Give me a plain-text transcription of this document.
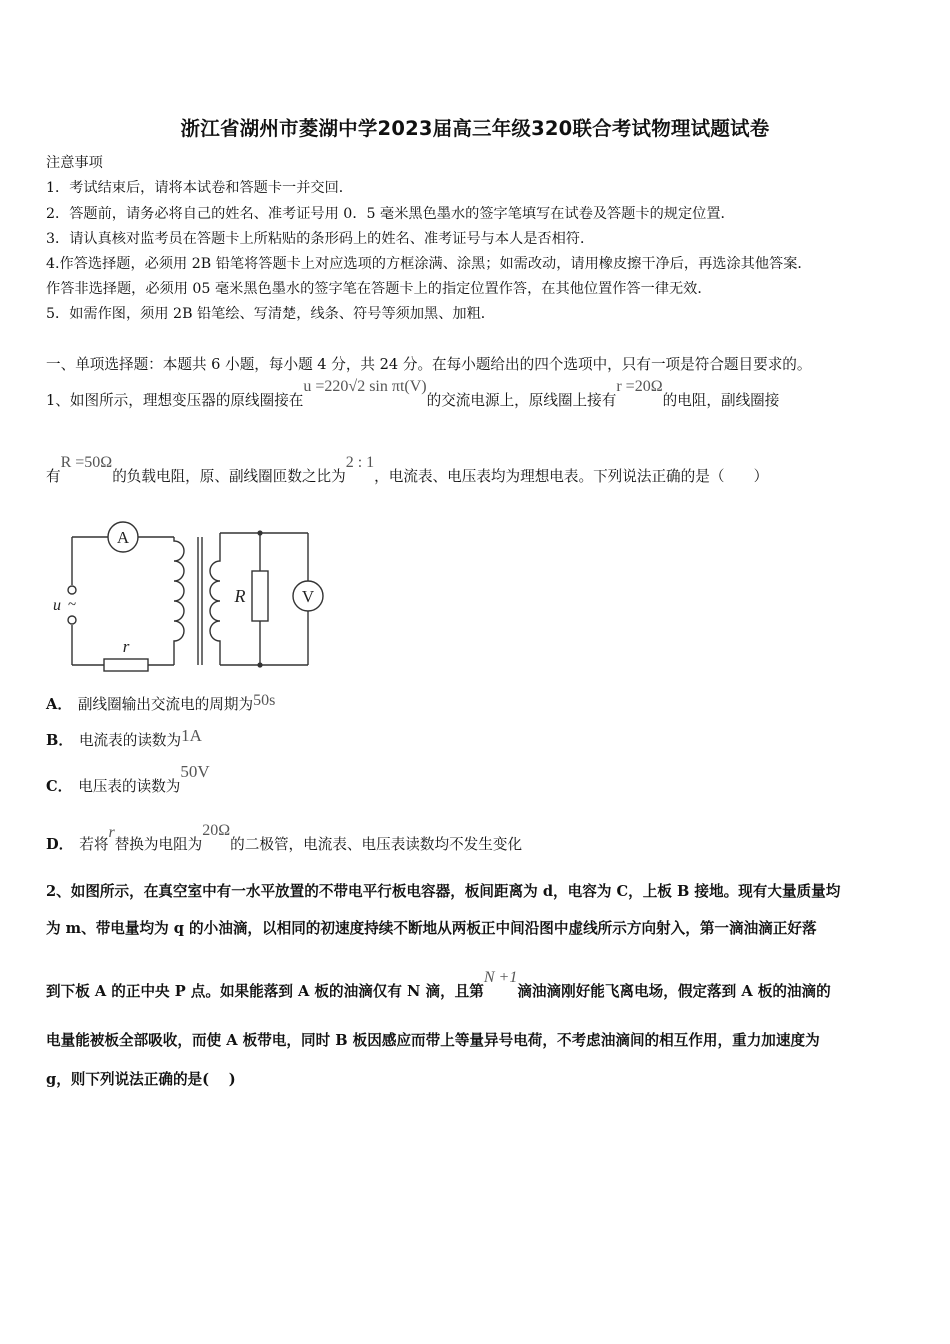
浙江省湖州市菱湖中学2023届高三年级320联合考试物理试题试卷
注意事项
1．考试结束后，请将本试卷和答题卡一并交回．
2．答题前，请务必将自己的姓名、准考证号用 0．5 毫米黑色墨水的签字笔填写在试卷及答题卡的规定位置．
3．请认真核对监考员在答题卡上所粘贴的条形码上的姓名、准考证号与本人是否相符．
4.作答选择题，必须用 2B 铅笔将答题卡上对应选项的方框涂满、涂黑；如需改动，请用橡皮擦干净后，再选涂其他答案．
作答非选择题，必须用 05 毫米黑色墨水的签字笔在答题卡上的指定位置作答，在其他位置作答一律无效．
5．如需作图，须用 2B 铅笔绘、写清楚，线条、符号等须加黑、加粗．
一、单项选择题：本题共 6 小题，每小题 4 分，共 24 分。在每小题给出的四个选项中，只有一项是符合题目要求的。
1、如图所示，理想变压器的原线圈接在u =220√2 sin πt(V)的交流电源上，原线圈上接有r =20Ω的电阻，副线圈接
有R =50Ω的负载电阻，原、副线圈匝数之比为2 : 1，电流表、电压表均为理想电表。下列说法正确的是（　　）
A
V
u ~
r
R
A． 副线圈输出交流电的周期为50s
B． 电流表的读数为1A
C． 电压表的读数为50V
D． 若将r替换为电阻为20Ω的二极管，电流表、电压表读数均不发生变化
2、如图所示，在真空室中有一水平放置的不带电平行板电容器，板间距离为 d，电容为 C，上板 B 接地。现有大量质量均
为 m、带电量均为 q 的小油滴，以相同的初速度持续不断地从两板正中间沿图中虚线所示方向射入，第一滴油滴正好落
到下板 A 的正中央 P 点。如果能落到 A 板的油滴仅有 N 滴，且第N +1滴油滴刚好能飞离电场，假定落到 A 板的油滴的
电量能被板全部吸收，而使 A 板带电，同时 B 板因感应而带上等量异号电荷，不考虑油滴间的相互作用，重力加速度为
g，则下列说法正确的是(　 )
